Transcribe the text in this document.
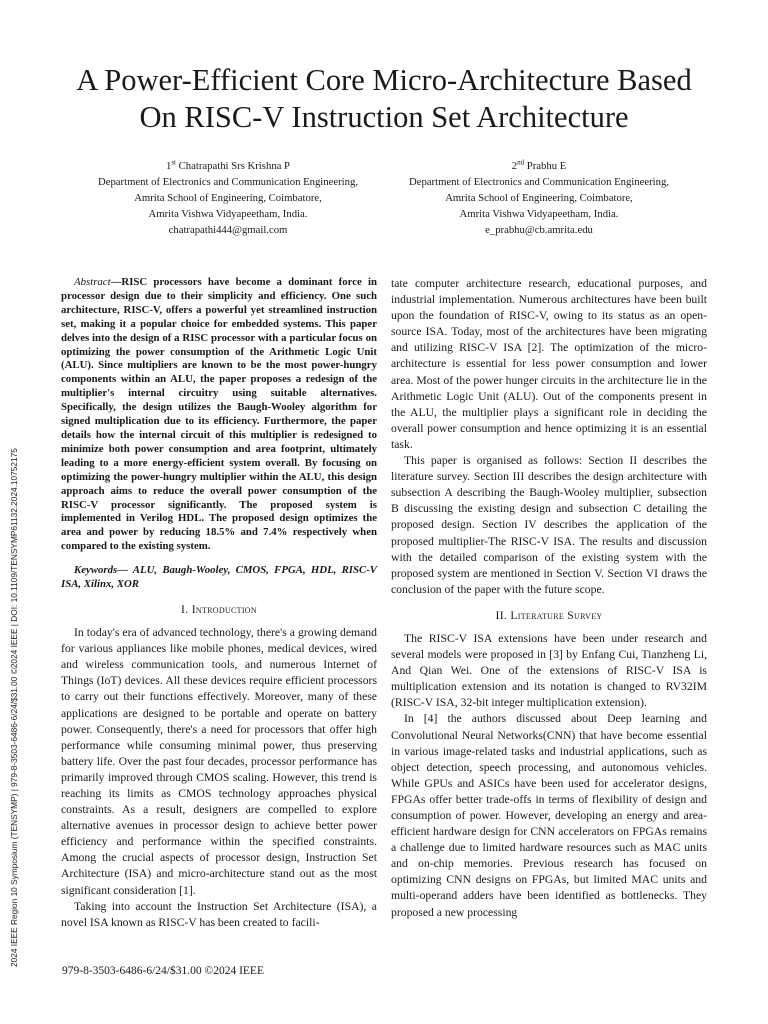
A Power-Efficient Core Micro-Architecture Based
On RISC-V Instruction Set Architecture
1st Chatrapathi Srs Krishna P
Department of Electronics and Communication Engineering,
Amrita School of Engineering, Coimbatore,
Amrita Vishwa Vidyapeetham, India.
chatrapathi444@gmail.com
2nd Prabhu E
Department of Electronics and Communication Engineering,
Amrita School of Engineering, Coimbatore,
Amrita Vishwa Vidyapeetham, India.
e_prabhu@cb.amrita.edu

Abstract—RISC processors have become a dominant force in processor design due to their simplicity and efficiency. One such architecture, RISC-V, offers a powerful yet streamlined instruction set, making it a popular choice for embedded systems. This paper delves into the design of a RISC processor with a particular focus on optimizing the power consumption of the Arithmetic Logic Unit (ALU). Since multipliers are known to be the most power-hungry components within an ALU, the paper proposes a redesign of the multiplier's internal circuitry using suitable alternatives. Specifically, the design utilizes the Baugh-Wooley algorithm for signed multiplication due to its efficiency. Furthermore, the paper details how the internal circuit of this multiplier is redesigned to minimize both power consumption and area footprint, ultimately leading to a more energy-efficient system overall. By focusing on optimizing the power-hungry multiplier within the ALU, this design approach aims to reduce the overall power consumption of the RISC-V processor significantly. The proposed system is implemented in Verilog HDL. The proposed design optimizes the area and power by reducing 18.5% and 7.4% respectively when compared to the existing system.

Keywords— ALU, Baugh-Wooley, CMOS, FPGA, HDL, RISC-V ISA, Xilinx, XOR

I. Introduction

In today's era of advanced technology, there's a growing demand for various appliances like mobile phones, medical devices, wired and wireless communication tools, and numerous Internet of Things (IoT) devices. All these devices require efficient processors to carry out their functions effectively. Moreover, many of these applications are designed to be portable and operate on battery power. Consequently, there's a need for processors that offer high performance while consuming minimal power, thus preserving battery life. Over the past four decades, processor performance has primarily improved through CMOS scaling. However, this trend is reaching its limits as CMOS technology approaches physical constraints. As a result, designers are compelled to explore alternative avenues in processor design to achieve better power efficiency and performance within the specified constraints. Among the crucial aspects of processor design, Instruction Set Architecture (ISA) and micro-architecture stand out as the most significant consideration [1].

Taking into account the Instruction Set Architecture (ISA), a novel ISA known as RISC-V has been created to facili-

tate computer architecture research, educational purposes, and industrial implementation. Numerous architectures have been built upon the foundation of RISC-V, owing to its status as an open-source ISA. Today, most of the architectures have been migrating and utilizing RISC-V ISA [2]. The optimization of the micro-architecture is essential for less power consumption and lower area. Most of the power hunger circuits in the architecture lie in the Arithmetic Logic Unit (ALU). Out of the components present in the ALU, the multiplier plays a significant role in deciding the overall power consumption and hence optimizing it is an essential task.

This paper is organised as follows: Section II describes the literature survey. Section III describes the design architecture with subsection A describing the Baugh-Wooley multiplier, subsection B discussing the existing design and subsection C detailing the proposed design. Section IV describes the application of the proposed multiplier-The RISC-V ISA. The results and discussion with the detailed comparison of the existing system with the proposed system are mentioned in Section V. Section VI draws the conclusion of the paper with the future scope.

II. Literature Survey

The RISC-V ISA extensions have been under research and several models were proposed in [3] by Enfang Cui, Tianzheng Li, And Qian Wei. One of the extensions of RISC-V ISA is multiplication extension and its notation is changed to RV32IM (RISC-V ISA, 32-bit integer multiplication extension).

In [4] the authors discussed about Deep learning and Convolutional Neural Networks(CNN) that have become essential in various image-related tasks and industrial applications, such as object detection, speech processing, and autonomous vehicles. While GPUs and ASICs have been used for accelerator designs, FPGAs offer better trade-offs in terms of flexibility of design and consumption of power. However, developing an energy and area-efficient hardware design for CNN accelerators on FPGAs remains a challenge due to limited hardware resources such as MAC units and on-chip memories. Previous research has focused on optimizing CNN designs on FPGAs, but limited MAC units and multi-operand adders have been identified as bottlenecks. They proposed a new processing

979-8-3503-6486-6/24/$31.00 ©2024 IEEE
2024 IEEE Region 10 Symposium (TENSYMP) | 979-8-3503-6486-6/24/$31.00 ©2024 IEEE | DOI: 10.1109/TENSYMP61132.2024.10752175
